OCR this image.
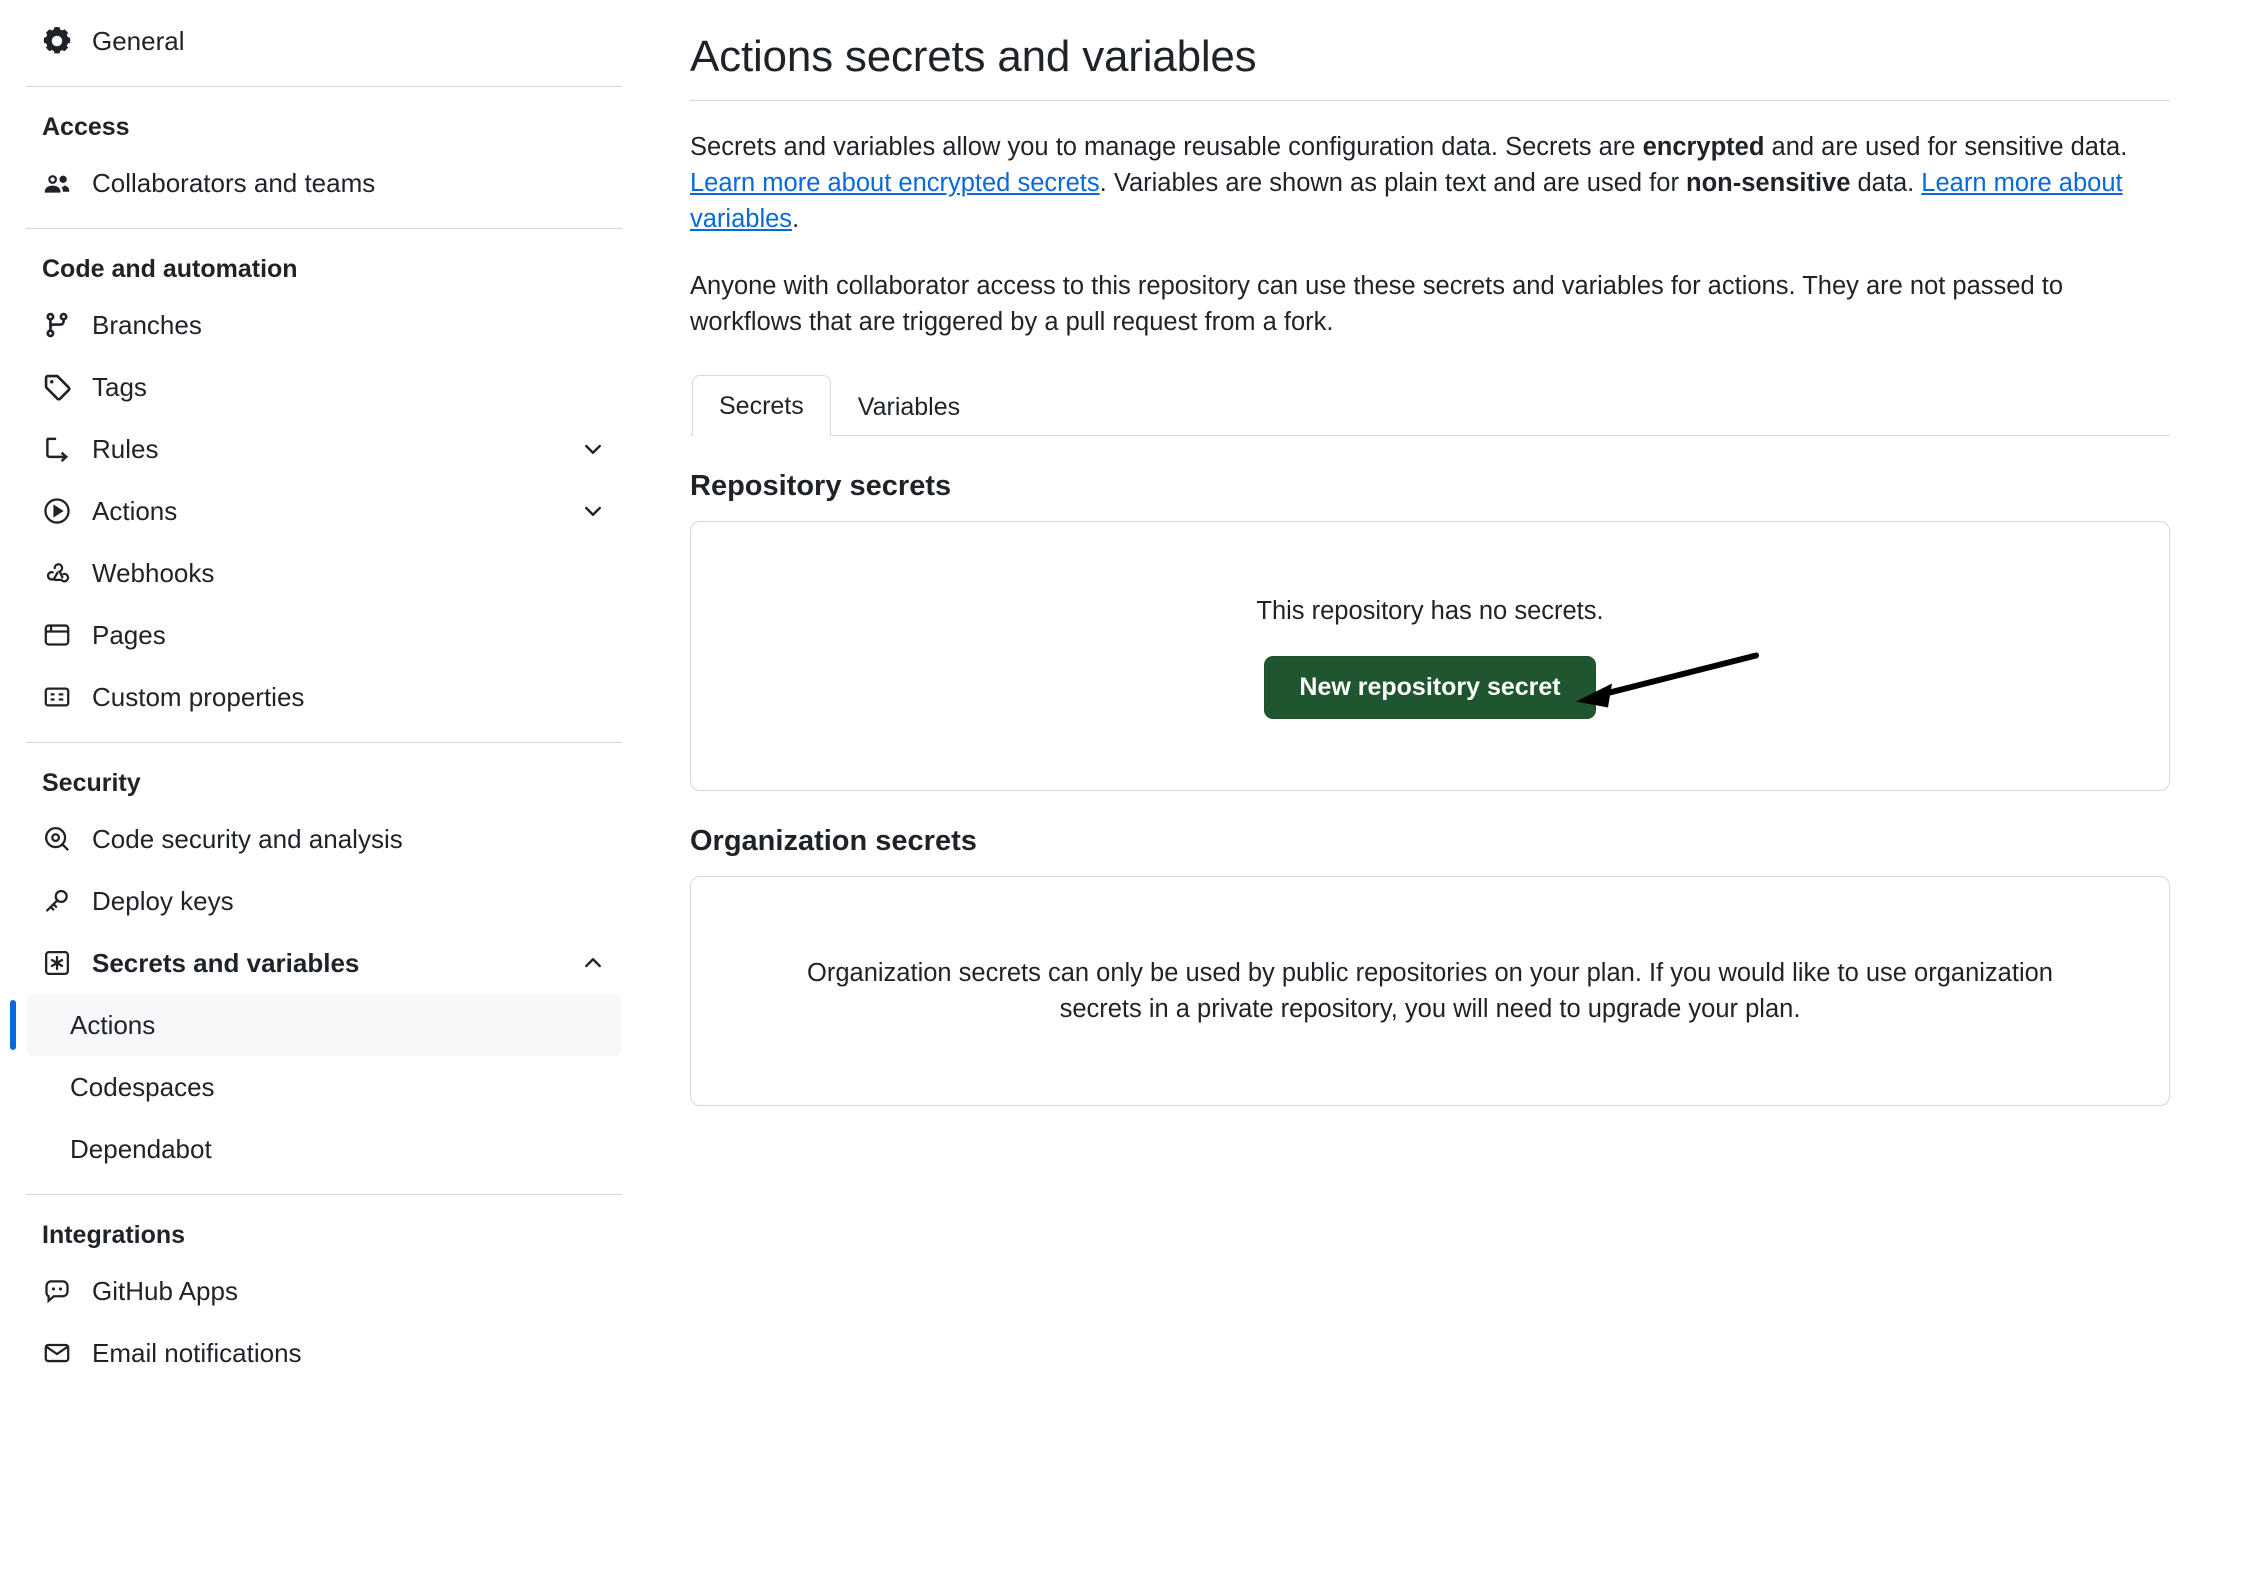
General
Access
Collaborators and teams
Code and automation
Branches
Tags
Rules
Actions
Webhooks
Pages
Custom properties
Security
Code security and analysis
Deploy keys
Secrets and variables
Actions
Codespaces
Dependabot
Integrations
GitHub Apps
Email notifications
Actions secrets and variables

Secrets and variables allow you to manage reusable configuration data. Secrets are encrypted and are used for sensitive data. Learn more about encrypted secrets. Variables are shown as plain text and are used for non-sensitive data. Learn more about variables.

Anyone with collaborator access to this repository can use these secrets and variables for actions. They are not passed to workflows that are triggered by a pull request from a fork.

Secrets	Variables
Repository secrets
This repository has no secrets.
New repository secret
Organization secrets
Organization secrets can only be used by public repositories on your plan. If you would like to use organization secrets in a private repository, you will need to upgrade your plan.
